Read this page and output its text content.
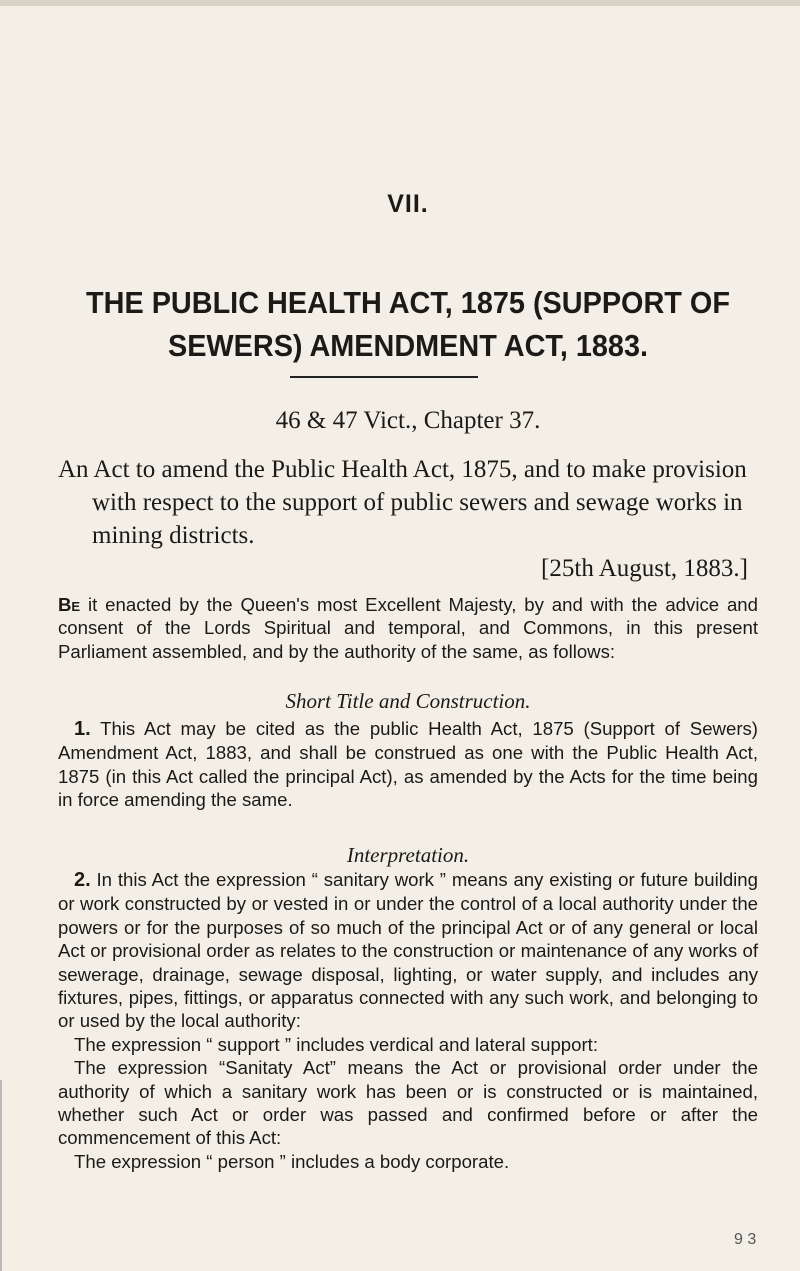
VII.
THE PUBLIC HEALTH ACT, 1875 (SUPPORT OF
SEWERS) AMENDMENT ACT, 1883.
46 & 47 Vict., Chapter 37.
An Act to amend the Public Health Act, 1875, and to make provision with respect to the support of public sewers and sewage works in mining districts.
[25th August, 1883.]
Be it enacted by the Queen's most Excellent Majesty, by and with the advice and consent of the Lords Spiritual and temporal, and Commons, in this present Parliament assembled, and by the authority of the same, as follows:
Short Title and Construction.

1. This Act may be cited as the public Health Act, 1875 (Support of Sewers) Amendment Act, 1883, and shall be construed as one with the Public Health Act, 1875 (in this Act called the principal Act), as amended by the Acts for the time being in force amending the same.

Interpretation.

2. In this Act the expression “ sanitary work ” means any existing or future building or work constructed by or vested in or under the control of a local authority under the powers or for the purposes of so much of the principal Act or of any general or local Act or provisional order as relates to the construction or maintenance of any works of sewerage, drainage, sewage disposal, lighting, or water supply, and includes any fixtures, pipes, fittings, or apparatus connected with any such work, and belonging to or used by the local authority:

The expression “ support ” includes verdical and lateral support:

The expression “Sanitaty Act” means the Act or provisional order under the authority of which a sanitary work has been or is constructed or is maintained, whether such Act or order was passed and confirmed before or after the commencement of this Act:

The expression “ person ” includes a body corporate.

9 3
